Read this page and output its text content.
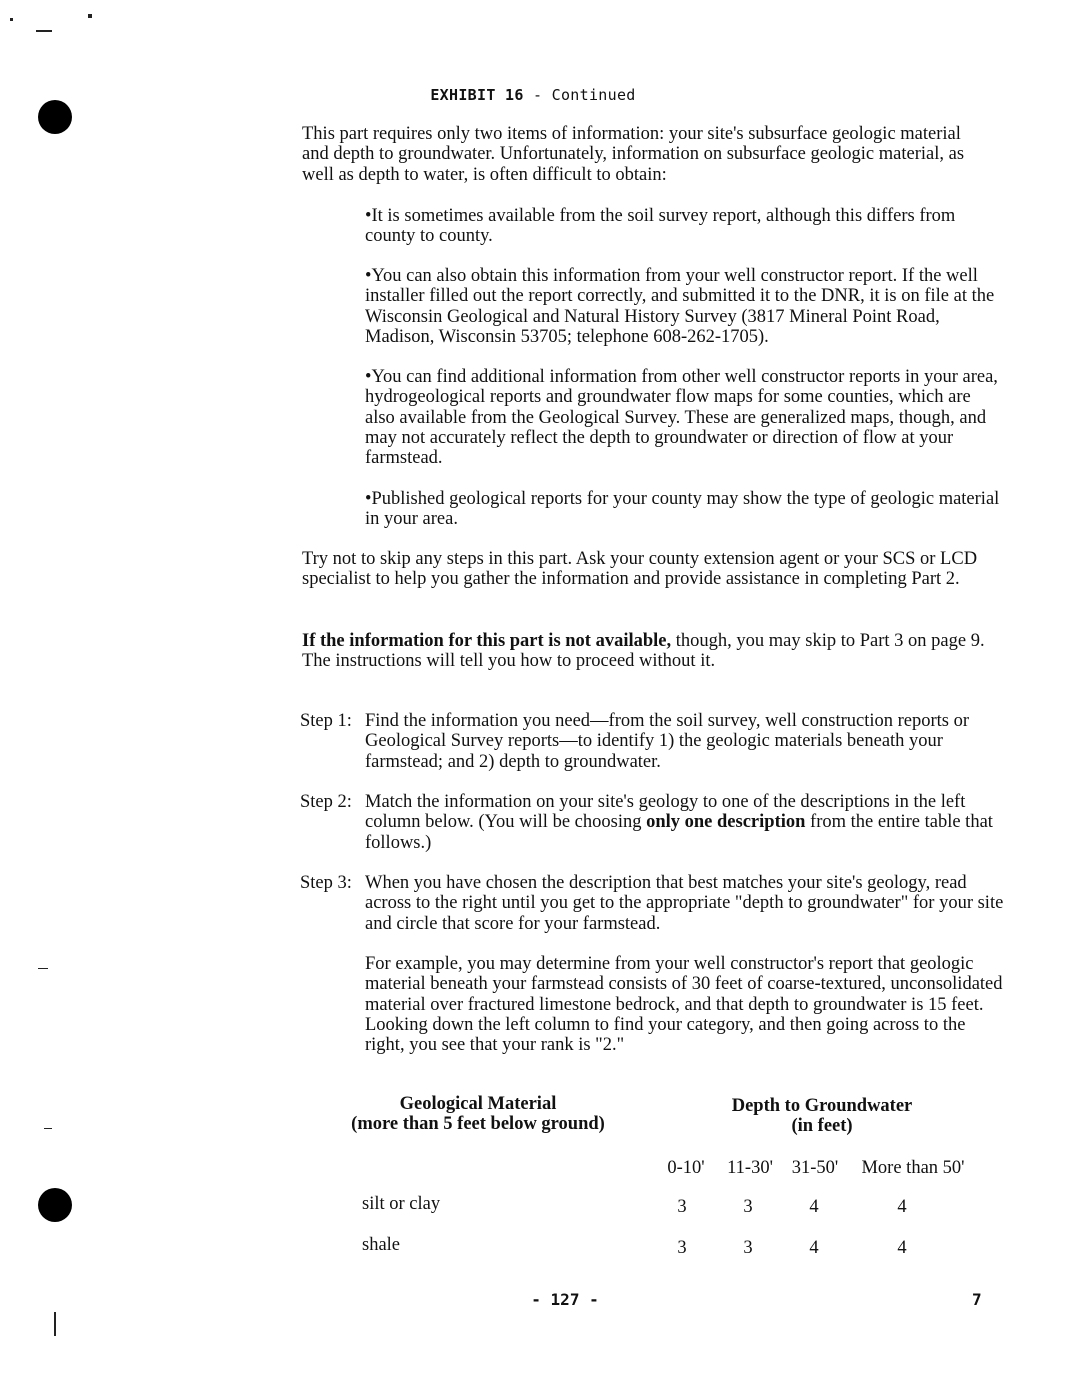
EXHIBIT 16 - Continued
This part requires only two items of information: your site's subsurface geologic material and depth to groundwater. Unfortunately, information on subsurface geologic material, as well as depth to water, is often difficult to obtain:
•It is sometimes available from the soil survey report, although this differs from county to county.
•You can also obtain this information from your well constructor report. If the well installer filled out the report correctly, and submitted it to the DNR, it is on file at the Wisconsin Geological and Natural History Survey (3817 Mineral Point Road, Madison, Wisconsin 53705; telephone 608-262-1705).
•You can find additional information from other well constructor reports in your area, hydrogeological reports and groundwater flow maps for some counties, which are also available from the Geological Survey. These are generalized maps, though, and may not accurately reflect the depth to groundwater or direction of flow at your farmstead.
•Published geological reports for your county may show the type of geologic material in your area.
Try not to skip any steps in this part. Ask your county extension agent or your SCS or LCD specialist to help you gather the information and provide assistance in completing Part 2.
If the information for this part is not available, though, you may skip to Part 3 on page 9. The instructions will tell you how to proceed without it.
Step 1: Find the information you need—from the soil survey, well construction reports or Geological Survey reports—to identify 1) the geologic materials beneath your farmstead; and 2) depth to groundwater.
Step 2: Match the information on your site's geology to one of the descriptions in the left column below. (You will be choosing only one description from the entire table that follows.)
Step 3: When you have chosen the description that best matches your site's geology, read across to the right until you get to the appropriate "depth to groundwater" for your site and circle that score for your farmstead.
For example, you may determine from your well constructor's report that geologic material beneath your farmstead consists of 30 feet of coarse-textured, unconsolidated material over fractured limestone bedrock, and that depth to groundwater is 15 feet. Looking down the left column to find your category, and then going across to the right, you see that your rank is "2."
Geological Material
(more than 5 feet below ground)
Depth to Groundwater
(in feet)
0-10'	11-30'	31-50'	More than 50'
silt or clay	3	3	4	4
shale	3	3	4	4
- 127 -	7
